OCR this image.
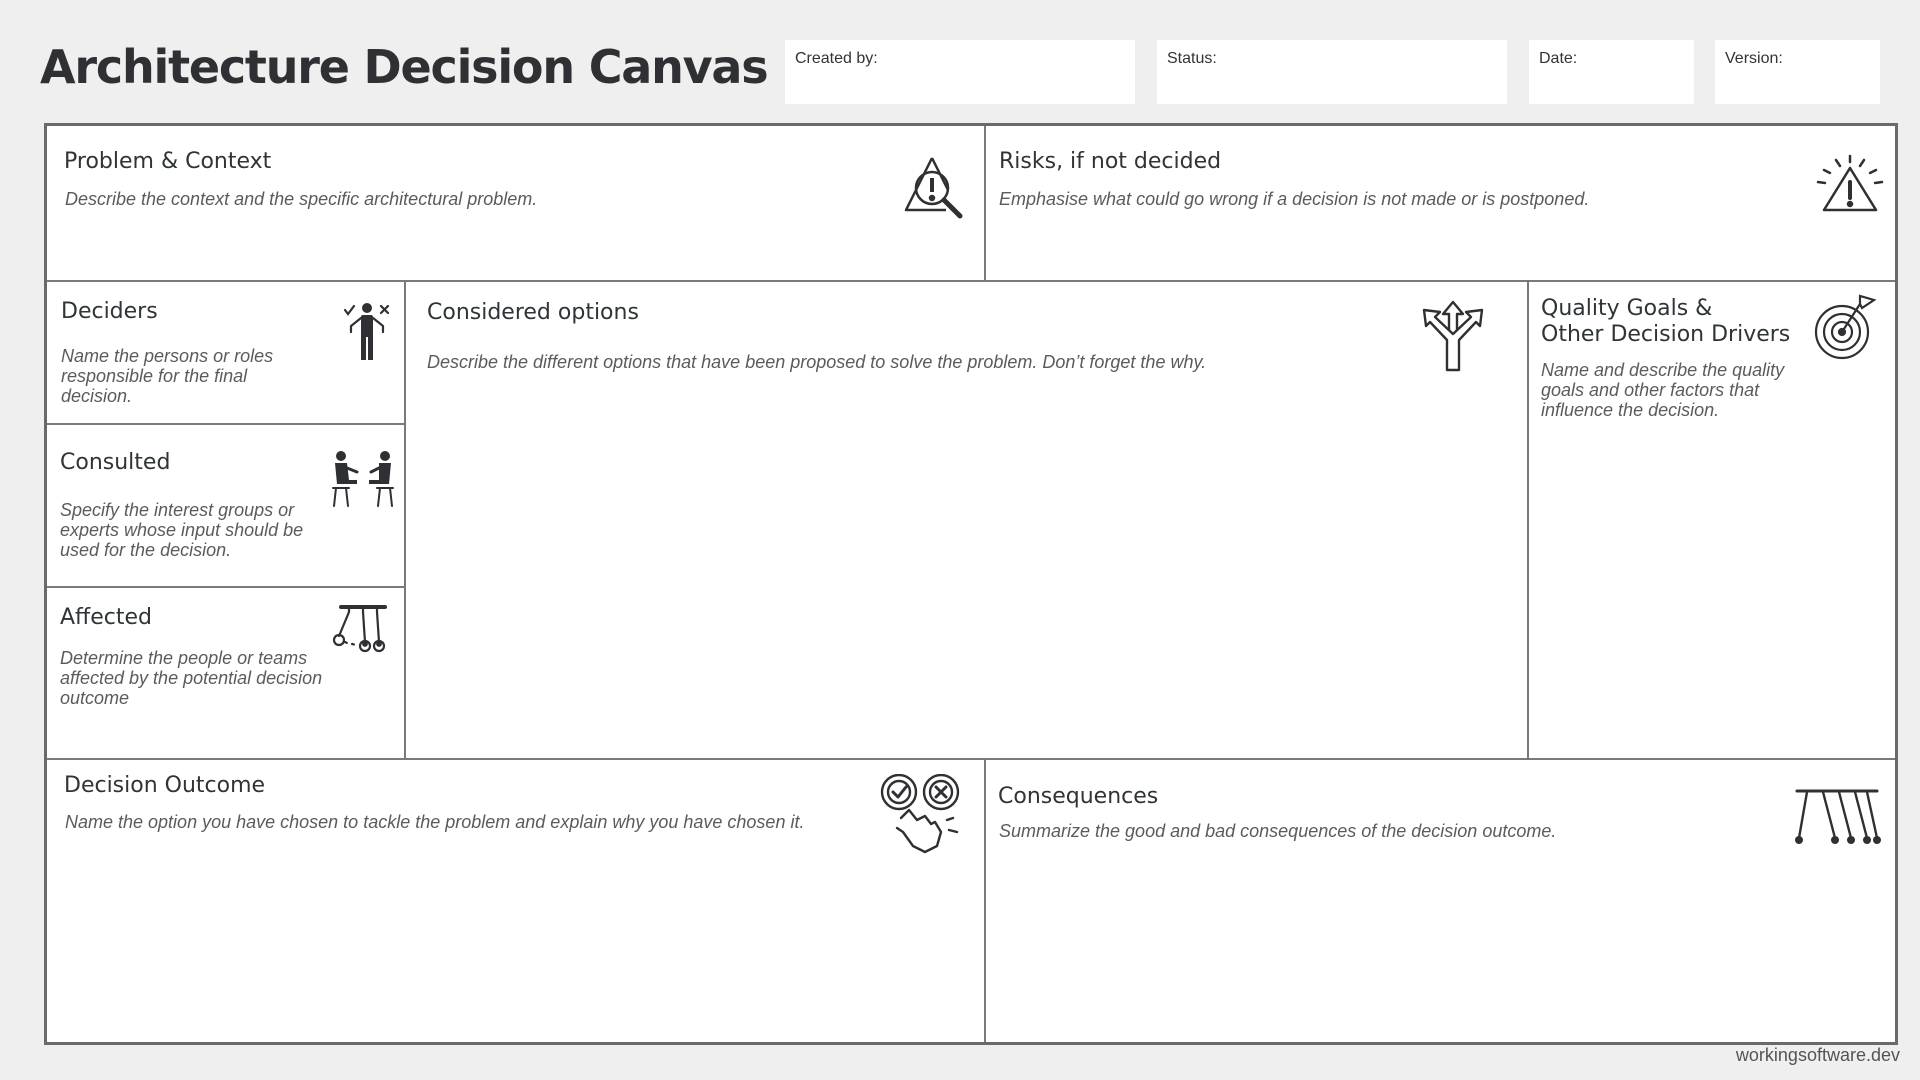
Architecture Decision Canvas	Created by:	Status:	Date:	Version:
Problem & Context

Describe the context and the specific architectural problem.

Risks, if not decided

Emphasise what could go wrong if a decision is not made or is postponed.

Deciders

Name the persons or roles responsible for the final decision.

Consulted

Specify the interest groups or experts whose input should be used for the decision.

Affected

Determine the people or teams affected by the potential decision outcome

Considered options

Describe the different options that have been proposed to solve the problem. Don’t forget the why.

Quality Goals &
Other Decision Drivers

Name and describe the quality goals and other factors that influence the decision.

Decision Outcome

Name the option you have chosen to tackle the problem and explain why you have chosen it.

Consequences

Summarize the good and bad consequences of the decision outcome.

workingsoftware.dev
